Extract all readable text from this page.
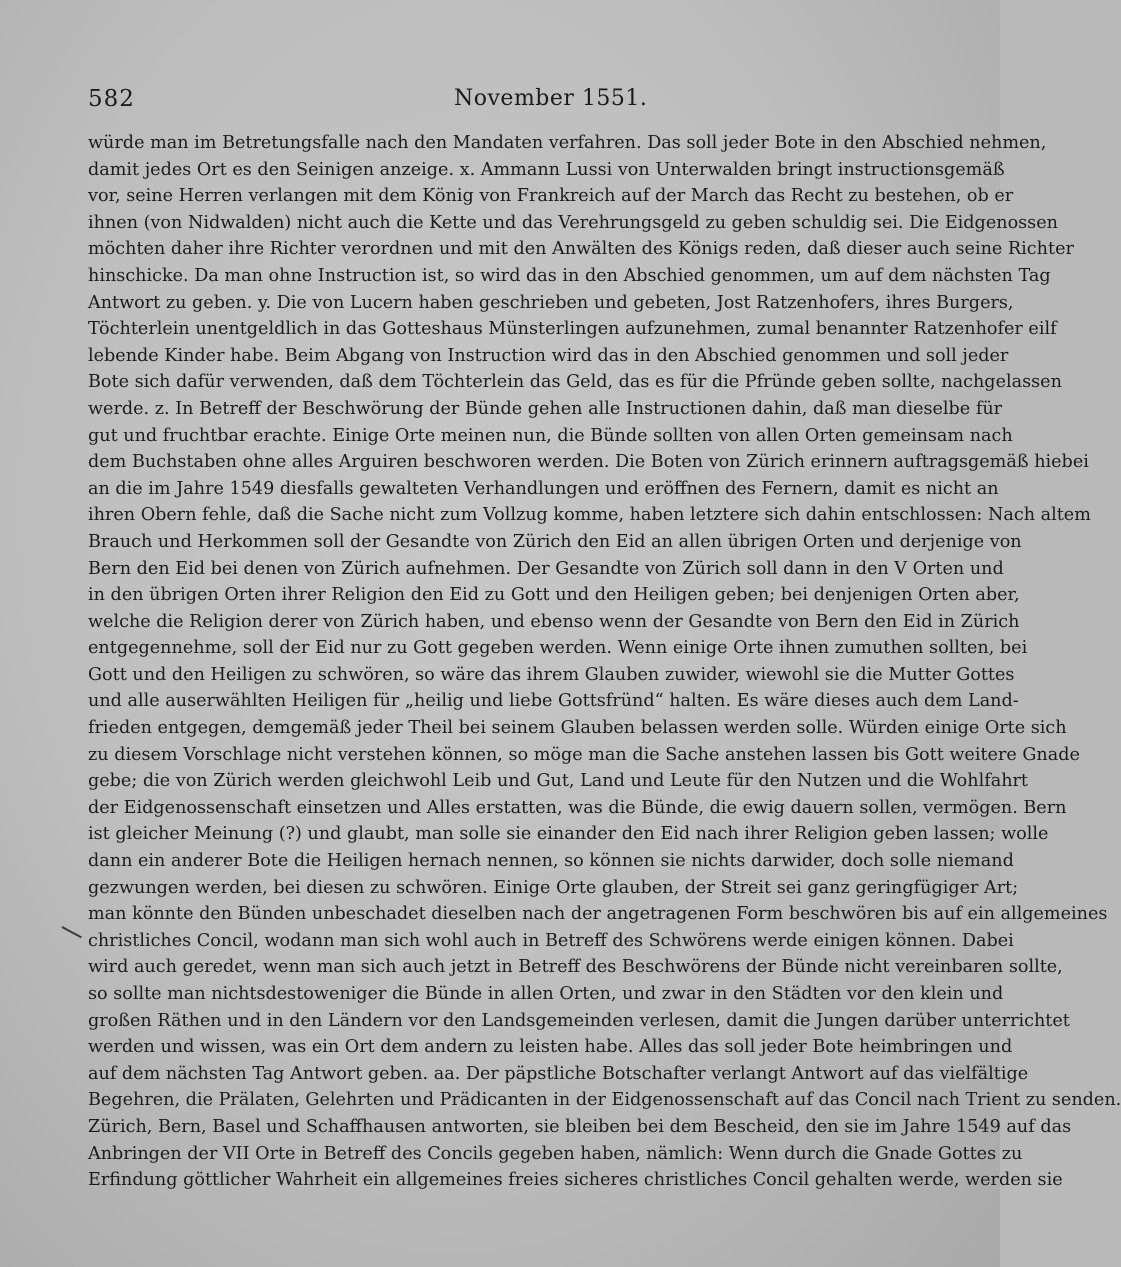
582	November 1551.
würde man im Betretungsfalle nach den Mandaten verfahren. Das soll jeder Bote in den Abschied nehmen,
damit jedes Ort es den Seinigen anzeige. x. Ammann Lussi von Unterwalden bringt instructionsgemäß
vor, seine Herren verlangen mit dem König von Frankreich auf der March das Recht zu bestehen, ob er
ihnen (von Nidwalden) nicht auch die Kette und das Verehrungsgeld zu geben schuldig sei. Die Eidgenossen
möchten daher ihre Richter verordnen und mit den Anwälten des Königs reden, daß dieser auch seine Richter
hinschicke. Da man ohne Instruction ist, so wird das in den Abschied genommen, um auf dem nächsten Tag
Antwort zu geben. y. Die von Lucern haben geschrieben und gebeten, Jost Ratzenhofers, ihres Burgers,
Töchterlein unentgeldlich in das Gotteshaus Münsterlingen aufzunehmen, zumal benannter Ratzenhofer eilf
lebende Kinder habe. Beim Abgang von Instruction wird das in den Abschied genommen und soll jeder
Bote sich dafür verwenden, daß dem Töchterlein das Geld, das es für die Pfründe geben sollte, nachgelassen
werde. z. In Betreff der Beschwörung der Bünde gehen alle Instructionen dahin, daß man dieselbe für
gut und fruchtbar erachte. Einige Orte meinen nun, die Bünde sollten von allen Orten gemeinsam nach
dem Buchstaben ohne alles Arguiren beschworen werden. Die Boten von Zürich erinnern auftragsgemäß hiebei
an die im Jahre 1549 diesfalls gewalteten Verhandlungen und eröffnen des Fernern, damit es nicht an
ihren Obern fehle, daß die Sache nicht zum Vollzug komme, haben letztere sich dahin entschlossen: Nach altem
Brauch und Herkommen soll der Gesandte von Zürich den Eid an allen übrigen Orten und derjenige von
Bern den Eid bei denen von Zürich aufnehmen. Der Gesandte von Zürich soll dann in den V Orten und
in den übrigen Orten ihrer Religion den Eid zu Gott und den Heiligen geben; bei denjenigen Orten aber,
welche die Religion derer von Zürich haben, und ebenso wenn der Gesandte von Bern den Eid in Zürich
entgegennehme, soll der Eid nur zu Gott gegeben werden. Wenn einige Orte ihnen zumuthen sollten, bei
Gott und den Heiligen zu schwören, so wäre das ihrem Glauben zuwider, wiewohl sie die Mutter Gottes
und alle auserwählten Heiligen für „heilig und liebe Gottsfründ“ halten. Es wäre dieses auch dem Land-
frieden entgegen, demgemäß jeder Theil bei seinem Glauben belassen werden solle. Würden einige Orte sich
zu diesem Vorschlage nicht verstehen können, so möge man die Sache anstehen lassen bis Gott weitere Gnade
gebe; die von Zürich werden gleichwohl Leib und Gut, Land und Leute für den Nutzen und die Wohlfahrt
der Eidgenossenschaft einsetzen und Alles erstatten, was die Bünde, die ewig dauern sollen, vermögen. Bern
ist gleicher Meinung (?) und glaubt, man solle sie einander den Eid nach ihrer Religion geben lassen; wolle
dann ein anderer Bote die Heiligen hernach nennen, so können sie nichts darwider, doch solle niemand
gezwungen werden, bei diesen zu schwören. Einige Orte glauben, der Streit sei ganz geringfügiger Art;
man könnte den Bünden unbeschadet dieselben nach der angetragenen Form beschwören bis auf ein allgemeines
christliches Concil, wodann man sich wohl auch in Betreff des Schwörens werde einigen können. Dabei
wird auch geredet, wenn man sich auch jetzt in Betreff des Beschwörens der Bünde nicht vereinbaren sollte,
so sollte man nichtsdestoweniger die Bünde in allen Orten, und zwar in den Städten vor den klein und
großen Räthen und in den Ländern vor den Landsgemeinden verlesen, damit die Jungen darüber unterrichtet
werden und wissen, was ein Ort dem andern zu leisten habe. Alles das soll jeder Bote heimbringen und
auf dem nächsten Tag Antwort geben. aa. Der päpstliche Botschafter verlangt Antwort auf das vielfältige
Begehren, die Prälaten, Gelehrten und Prädicanten in der Eidgenossenschaft auf das Concil nach Trient zu senden.
Zürich, Bern, Basel und Schaffhausen antworten, sie bleiben bei dem Bescheid, den sie im Jahre 1549 auf das
Anbringen der VII Orte in Betreff des Concils gegeben haben, nämlich: Wenn durch die Gnade Gottes zu
Erfindung göttlicher Wahrheit ein allgemeines freies sicheres christliches Concil gehalten werde, werden sie
